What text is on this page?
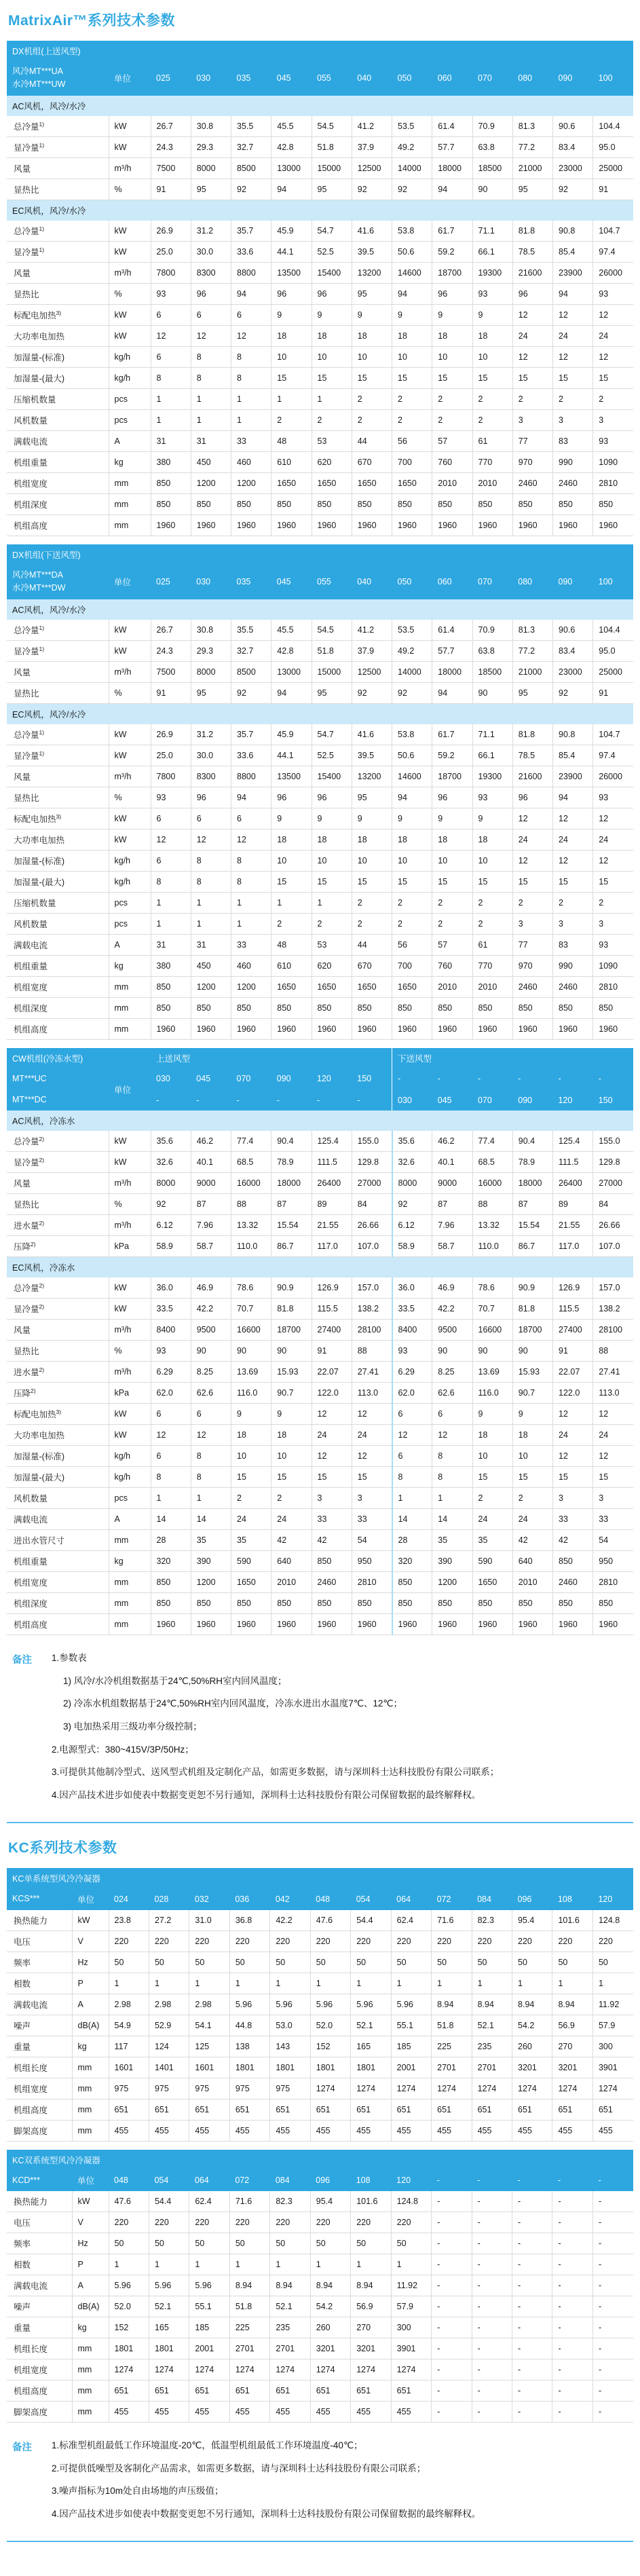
MatrixAir™系列技术参数
DX机组(上送风型)													

风冷MT***UA
水冷MT***UW	单位	025	030	035	045	055	040	050	060	070	080	090	100
AC风机，风冷/水冷													
总冷量$^{1)}$	kW	26.7	30.8	35.5	45.5	54.5	41.2	53.5	61.4	70.9	81.3	90.6	104.4
显冷量$^{1)}$	kW	24.3	29.3	32.7	42.8	51.8	37.9	49.2	57.7	63.8	77.2	83.4	95.0
风量	m³/h	7500	8000	8500	13000	15000	12500	14000	18000	18500	21000	23000	25000
显热比	%	91	95	92	94	95	92	92	94	90	95	92	91
EC风机，风冷/水冷													
总冷量$^{1)}$	kW	26.9	31.2	35.7	45.9	54.7	41.6	53.8	61.7	71.1	81.8	90.8	104.7
显冷量$^{1)}$	kW	25.0	30.0	33.6	44.1	52.5	39.5	50.6	59.2	66.1	78.5	85.4	97.4
风量	m³/h	7800	8300	8800	13500	15400	13200	14600	18700	19300	21600	23900	26000
显热比	%	93	96	94	96	96	95	94	96	93	96	94	93
标配电加热$^{3)}$	kW	6	6	6	9	9	9	9	9	9	12	12	12
大功率电加热	kW	12	12	12	18	18	18	18	18	18	24	24	24
加湿量-(标准)	kg/h	6	8	8	10	10	10	10	10	10	12	12	12
加湿量-(最大)	kg/h	8	8	8	15	15	15	15	15	15	15	15	15
压缩机数量	pcs	1	1	1	1	1	2	2	2	2	2	2	2
风机数量	pcs	1	1	1	2	2	2	2	2	2	3	3	3
满载电流	A	31	31	33	48	53	44	56	57	61	77	83	93
机组重量	kg	380	450	460	610	620	670	700	760	770	970	990	1090
机组宽度	mm	850	1200	1200	1650	1650	1650	1650	2010	2010	2460	2460	2810
机组深度	mm	850	850	850	850	850	850	850	850	850	850	850	850
机组高度	mm	1960	1960	1960	1960	1960	1960	1960	1960	1960	1960	1960	1960
DX机组(下送风型)													

风冷MT***DA
水冷MT***DW	单位	025	030	035	045	055	040	050	060	070	080	090	100
AC风机，风冷/水冷													
总冷量$^{1)}$	kW	26.7	30.8	35.5	45.5	54.5	41.2	53.5	61.4	70.9	81.3	90.6	104.4
显冷量$^{1)}$	kW	24.3	29.3	32.7	42.8	51.8	37.9	49.2	57.7	63.8	77.2	83.4	95.0
风量	m³/h	7500	8000	8500	13000	15000	12500	14000	18000	18500	21000	23000	25000
显热比	%	91	95	92	94	95	92	92	94	90	95	92	91
EC风机，风冷/水冷													
总冷量$^{1)}$	kW	26.9	31.2	35.7	45.9	54.7	41.6	53.8	61.7	71.1	81.8	90.8	104.7
显冷量$^{1)}$	kW	25.0	30.0	33.6	44.1	52.5	39.5	50.6	59.2	66.1	78.5	85.4	97.4
风量	m³/h	7800	8300	8800	13500	15400	13200	14600	18700	19300	21600	23900	26000
显热比	%	93	96	94	96	96	95	94	96	93	96	94	93
标配电加热$^{3)}$	kW	6	6	6	9	9	9	9	9	9	12	12	12
大功率电加热	kW	12	12	12	18	18	18	18	18	18	24	24	24
加湿量-(标准)	kg/h	6	8	8	10	10	10	10	10	10	12	12	12
加湿量-(最大)	kg/h	8	8	8	15	15	15	15	15	15	15	15	15
压缩机数量	pcs	1	1	1	1	1	2	2	2	2	2	2	2
风机数量	pcs	1	1	1	2	2	2	2	2	2	3	3	3
满载电流	A	31	31	33	48	53	44	56	57	61	77	83	93
机组重量	kg	380	450	460	610	620	670	700	760	770	970	990	1090
机组宽度	mm	850	1200	1200	1650	1650	1650	1650	2010	2010	2460	2460	2810
机组深度	mm	850	850	850	850	850	850	850	850	850	850	850	850
机组高度	mm	1960	1960	1960	1960	1960	1960	1960	1960	1960	1960	1960	1960
CW机组(冷冻水型)		上送风型						下送风型					
MT***UC	单位	030	045	070	090	120	150	-	-	-	-	-	-
MT***DC		-	-	-	-	-	-	030	045	070	090	120	150
AC风机，冷冻水													
总冷量$^{2)}$	kW	35.6	46.2	77.4	90.4	125.4	155.0	35.6	46.2	77.4	90.4	125.4	155.0
显冷量$^{2)}$	kW	32.6	40.1	68.5	78.9	111.5	129.8	32.6	40.1	68.5	78.9	111.5	129.8
风量	m³/h	8000	9000	16000	18000	26400	27000	8000	9000	16000	18000	26400	27000
显热比	%	92	87	88	87	89	84	92	87	88	87	89	84
进水量$^{2)}$	m³/h	6.12	7.96	13.32	15.54	21.55	26.66	6.12	7.96	13.32	15.54	21.55	26.66
压降$^{2)}$	kPa	58.9	58.7	110.0	86.7	117.0	107.0	58.9	58.7	110.0	86.7	117.0	107.0
EC风机，冷冻水													
总冷量$^{2)}$	kW	36.0	46.9	78.6	90.9	126.9	157.0	36.0	46.9	78.6	90.9	126.9	157.0
显冷量$^{2)}$	kW	33.5	42.2	70.7	81.8	115.5	138.2	33.5	42.2	70.7	81.8	115.5	138.2
风量	m³/h	8400	9500	16600	18700	27400	28100	8400	9500	16600	18700	27400	28100
显热比	%	93	90	90	90	91	88	93	90	90	90	91	88
进水量$^{2)}$	m³/h	6.29	8.25	13.69	15.93	22.07	27.41	6.29	8.25	13.69	15.93	22.07	27.41
压降$^{2)}$	kPa	62.0	62.6	116.0	90.7	122.0	113.0	62.0	62.6	116.0	90.7	122.0	113.0
标配电加热$^{3)}$	kW	6	6	9	9	12	12	6	6	9	9	12	12
大功率电加热	kW	12	12	18	18	24	24	12	12	18	18	24	24
加湿量-(标准)	kg/h	6	8	10	10	12	12	6	8	10	10	12	12
加湿量-(最大)	kg/h	8	8	15	15	15	15	8	8	15	15	15	15
风机数量	pcs	1	1	2	2	3	3	1	1	2	2	3	3
满载电流	A	14	14	24	24	33	33	14	14	24	24	33	33
进出水管尺寸	mm	28	35	35	42	42	54	28	35	35	42	42	54
机组重量	kg	320	390	590	640	850	950	320	390	590	640	850	950
机组宽度	mm	850	1200	1650	2010	2460	2810	850	1200	1650	2010	2460	2810
机组深度	mm	850	850	850	850	850	850	850	850	850	850	850	850
机组高度	mm	1960	1960	1960	1960	1960	1960	1960	1960	1960	1960	1960	1960
备注	1.参数表
1) 风冷/水冷机组数据基于24℃,50%RH室内回风温度；
2) 冷冻水机组数据基于24℃,50%RH室内回风温度，冷冻水进出水温度7℃、12℃；
3) 电加热采用三级功率分级控制；
2.电源型式：380~415V/3P/50Hz；
3.可提供其他制冷型式、送风型式机组及定制化产品，如需更多数据，请与深圳科士达科技股份有限公司联系；
4.因产品技术进步如使表中数据变更恕不另行通知，深圳科士达科技股份有限公司保留数据的最终解释权。
KC系列技术参数
KC单系统型风冷冷凝器														
KCS***	单位	024	028	032	036	042	048	054	064	072	084	096	108	120
换热能力	kW	23.8	27.2	31.0	36.8	42.2	47.6	54.4	62.4	71.6	82.3	95.4	101.6	124.8
电压	V	220	220	220	220	220	220	220	220	220	220	220	220	220
频率	Hz	50	50	50	50	50	50	50	50	50	50	50	50	50
相数	P	1	1	1	1	1	1	1	1	1	1	1	1	1
满载电流	A	2.98	2.98	2.98	5.96	5.96	5.96	5.96	5.96	8.94	8.94	8.94	8.94	11.92
噪声	dB(A)	54.9	52.9	54.1	44.8	53.0	52.0	52.1	55.1	51.8	52.1	54.2	56.9	57.9
重量	kg	117	124	125	138	143	152	165	185	225	235	260	270	300
机组长度	mm	1601	1401	1601	1801	1801	1801	1801	2001	2701	2701	3201	3201	3901
机组宽度	mm	975	975	975	975	975	1274	1274	1274	1274	1274	1274	1274	1274
机组高度	mm	651	651	651	651	651	651	651	651	651	651	651	651	651
脚架高度	mm	455	455	455	455	455	455	455	455	455	455	455	455	455
KC双系统型风冷冷凝器														
KCD***	单位	048	054	064	072	084	096	108	120	-	-	-	-	-
换热能力	kW	47.6	54.4	62.4	71.6	82.3	95.4	101.6	124.8	-	-	-	-	-
电压	V	220	220	220	220	220	220	220	220	-	-	-	-	-
频率	Hz	50	50	50	50	50	50	50	50	-	-	-	-	-
相数	P	1	1	1	1	1	1	1	1	-	-	-	-	-
满载电流	A	5.96	5.96	5.96	8.94	8.94	8.94	8.94	11.92	-	-	-	-	-
噪声	dB(A)	52.0	52.1	55.1	51.8	52.1	54.2	56.9	57.9	-	-	-	-	-
重量	kg	152	165	185	225	235	260	270	300	-	-	-	-	-
机组长度	mm	1801	1801	2001	2701	2701	3201	3201	3901	-	-	-	-	-
机组宽度	mm	1274	1274	1274	1274	1274	1274	1274	1274	-	-	-	-	-
机组高度	mm	651	651	651	651	651	651	651	651	-	-	-	-	-
脚架高度	mm	455	455	455	455	455	455	455	455	-	-	-	-	-
备注	1.标准型机组最低工作环境温度-20℃，低温型机组最低工作环境温度-40℃；
2.可提供低噪型及客制化产品需求，如需更多数据，请与深圳科士达科技股份有限公司联系；
3.噪声指标为10m处自由场地的声压级值；
4.因产品技术进步如使表中数据变更恕不另行通知，深圳科士达科技股份有限公司保留数据的最终解释权。
